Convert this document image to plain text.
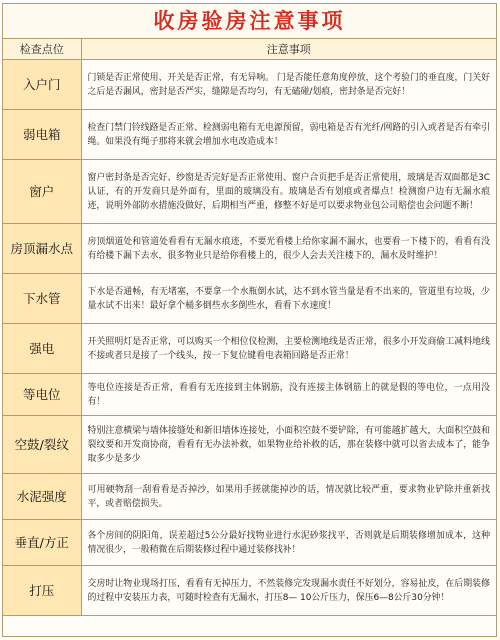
收房验房注意事项
检查点位	注意事项
入户门	门锁是否正常使用、开关是否正常，有无异响。 门是否能任意角度停放，这个考验门的垂直度，门关好之后是否漏风，密封是否严实，缝隙是否均匀，有无磕碰/划痕，密封条是否完好！
弱电箱	检查门禁门铃线路是否正常、检测弱电箱有无电源预留，弱电箱是否有光纤/网路的引入或者是否有牵引绳。如果没有绳子那将来就会增加水电改造成本！
窗户	窗户密封条是否完好、纱窗是否完好是否正常使用、窗户合页把手是否正常使用，玻璃是否双面都是3C认证，有的开发商只是外面有，里面的玻璃没有。玻璃是否有划痕或者爆点！检测窗户边有无漏水痕迹，说明外部防水措施没做好，后期相当严重，修整不好是可以要求物业包公司赔偿也会问题不断！
房顶漏水点	房顶烟道处和管道处看看有无漏水痕迹，不要光看楼上给你家漏不漏水，也要看一下楼下的，看看有没有给楼下漏下去水，很多物业只是给你看楼上的，很少人会去关注楼下的，漏水及时维护！
下水管	下水是否通畅，有无堵塞，不要拿一个水瓶倒水试，达不到水管当量是看不出来的，管道里有垃圾，少量水试不出来！最好拿个桶多倒些水多倒些水，看看下水速度！
强电	开关照明灯是否正常，可以购买一个相位仪检测，主要检测地线是否正常，很多小开发商偷工减料地线不接或者只是接了一个线头，按一下复位键看电表箱回路是否正常！
等电位	等电位连接是否正常，看看有无连接到主体钢筋，没有连接主体钢筋上的就是假的等电位，一点用没有！
空鼓/裂纹	特别注意横梁与墙体接缝处和新旧墙体连接处，小面积空鼓不要铲除，有可能越扩越大，大面积空鼓和裂纹要和开发商协商，看看有无办法补救，如果物业给补救的话，那在装修中就可以省去成本了，能争取多少是多少
水泥强度	可用硬物刮一刮看看是否掉沙，如果用手搓就能掉沙的话，情况就比较严重，要求物业铲除并重新找平，或者赔偿损失。
垂直/方正	各个房间的阴阳角，误差超过5公分最好找物业进行水泥砂浆找平，否则就是后期装修增加成本，这种情况很少，一般稍微在后期装修过程中通过装修找补！
打压	交房时让物业现场打压，看看有无掉压力，不然装修完发现漏水责任不好划分，容易扯皮，在后期装修的过程中安装压力表，可随时检查有无漏水，打压8— 10公斤压力，保压6—8公斤30分钟！
